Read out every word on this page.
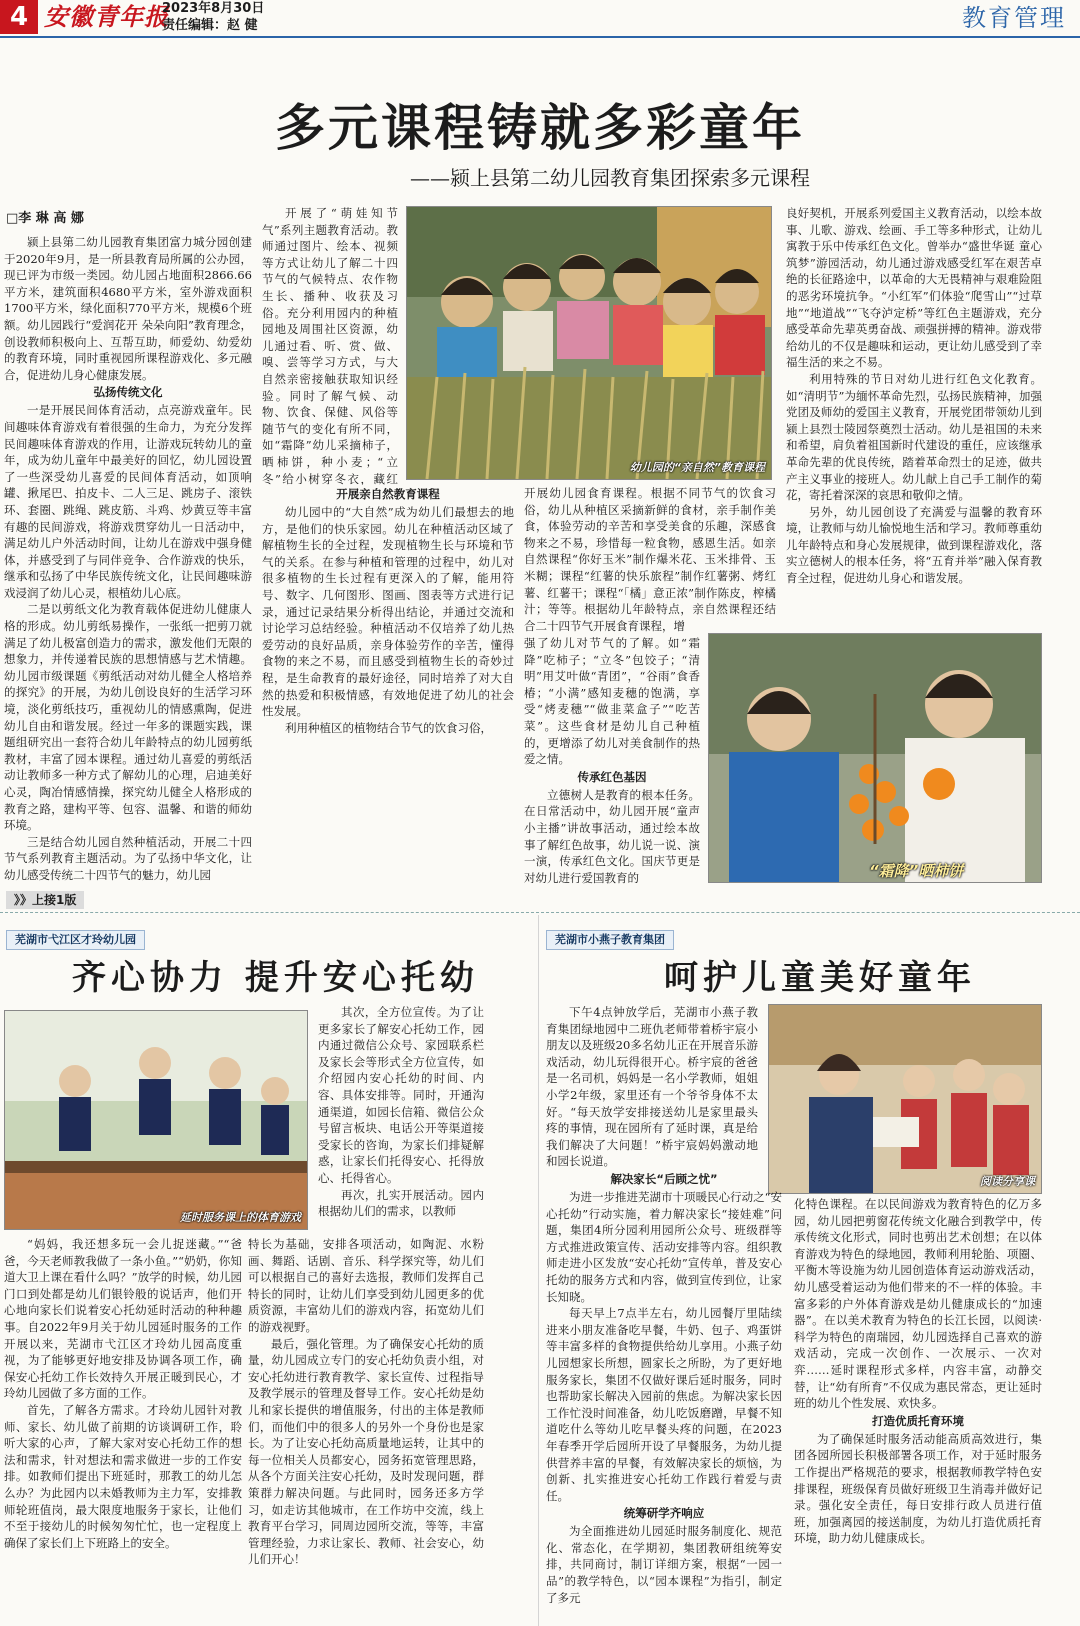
4 安徽青年报
2023年8月30日
责任编辑：赵 健	教育管理
多元课程铸就多彩童年
——颍上县第二幼儿园教育集团探索多元课程
□李 琳 高 娜

颍上县第二幼儿园教育集团富力城分园创建于2020年9月，是一所县教育局所属的公办园，现已评为市级一类园。幼儿园占地面积2866.66平方米，建筑面积4680平方米，室外游戏面积1700平方米，绿化面积770平方米，规模6个班额。幼儿园践行“爱润花开 朵朵向阳”教育理念，创设教师积极向上、互帮互助，师爱幼、幼爱幼的教育环境，同时重视园所课程游戏化、多元融合，促进幼儿身心健康发展。

弘扬传统文化

一是开展民间体育活动，点亮游戏童年。民间趣味体育游戏有着很强的生命力，为充分发挥民间趣味体育游戏的作用，让游戏玩转幼儿的童年，成为幼儿童年中最美好的回忆，幼儿园设置了一些深受幼儿喜爱的民间体育活动，如顶响罐、揪尾巴、拍皮卡、二人三足、跳房子、滚铁环、套圈、跳绳、跳皮筋、斗鸡、炒黄豆等丰富有趣的民间游戏，将游戏贯穿幼儿一日活动中，满足幼儿户外活动时间，让幼儿在游戏中强身健体，并感受到了与同伴竞争、合作游戏的快乐，继承和弘扬了中华民族传统文化，让民间趣味游戏浸润了幼儿心灵，根植幼儿心底。

二是以剪纸文化为教育载体促进幼儿健康人格的形成。幼儿剪纸易操作，一张纸一把剪刀就满足了幼儿极富创造力的需求，激发他们无限的想象力，并传递着民族的思想情感与艺术情趣。幼儿园市级课题《剪纸活动对幼儿健全人格培养的探究》的开展，为幼儿创设良好的生活学习环境，淡化剪纸技巧，重视幼儿的情感熏陶，促进幼儿自由和谐发展。经过一年多的课题实践，课题组研究出一套符合幼儿年龄特点的幼儿园剪纸教材，丰富了园本课程。通过幼儿喜爱的剪纸活动让教师多一种方式了解幼儿的心理，启迪美好心灵，陶冶情感情操，探究幼儿健全人格形成的教育之路，建构平等、包容、温馨、和谐的师幼环境。

三是结合幼儿园自然种植活动，开展二十四节气系列教育主题活动。为了弘扬中华文化，让幼儿感受传统二十四节气的魅力，幼儿园

开展了“萌娃知节气”系列主题教育活动。教师通过图片、绘本、视频等方式让幼儿了解二十四节气的气候特点、农作物生长、播种、收获及习俗。充分利用园内的种植园地及周围社区资源，幼儿通过看、听、赏、做、嗅、尝等学习方式，与大自然亲密接触获取知识经验。同时了解气候、动物、饮食、保健、风俗等随节气的变化有所不同，如“霜降”幼儿采摘柿子，晒柿饼，种小麦；“立冬”给小树穿冬衣，藏红

开展亲自然教育课程

幼儿园中的“大自然”成为幼儿们最想去的地方，是他们的快乐家园。幼儿在种植活动区域了解植物生长的全过程，发现植物生长与环境和节气的关系。在参与种植和管理的过程中，幼儿对很多植物的生长过程有更深入的了解，能用符号、数字、几何图形、图画、图表等方式进行记录，通过记录结果分析得出结论，并通过交流和讨论学习总结经验。种植活动不仅培养了幼儿热爱劳动的良好品质，亲身体验劳作的辛苦，懂得食物的来之不易，而且感受到植物生长的奇妙过程，是生命教育的最好途径，同时培养了对大自然的热爱和积极情感，有效地促进了幼儿的社会性发展。

利用种植区的植物结合节气的饮食习俗，

开展幼儿园食育课程。根据不同节气的饮食习俗，幼儿从种植区采摘新鲜的食材，亲手制作美食，体验劳动的辛苦和享受美食的乐趣，深感食物来之不易，珍惜每一粒食物，感恩生活。如亲自然课程“你好玉米”制作爆米花、玉米排骨、玉米糊；课程“红薯的快乐旅程”制作红薯粥、烤红薯、红薯干；课程“「橘」意正浓”制作陈皮，榨橘汁；等等。根据幼儿年龄特点，亲自然课程还结合二十四节气开展食育课程，增

强了幼儿对节气的了解。如“霜降”吃柿子；“立冬”包饺子；“清明”用艾叶做“青团”，“谷雨”食香椿；“小满”感知麦穗的饱满，享受“烤麦穗”“做韭菜盒子”“吃苦菜”。这些食材是幼儿自己种植的，更增添了幼儿对美食制作的热爱之情。

传承红色基因

立德树人是教育的根本任务。在日常活动中，幼儿园开展“童声小主播”讲故事活动，通过绘本故事了解红色故事，幼儿说一说、演一演，传承红色文化。国庆节更是对幼儿进行爱国教育的

良好契机，开展系列爱国主义教育活动，以绘本故事、儿歌、游戏、绘画、手工等多种形式，让幼儿寓教于乐中传承红色文化。曾举办“盛世华诞 童心筑梦”游园活动，幼儿通过游戏感受红军在艰苦卓绝的长征路途中，以革命的大无畏精神与艰难险阻的恶劣环境抗争。“小红军”们体验“爬雪山”“过草地”“地道战”“飞夺泸定桥”等红色主题游戏，充分感受革命先辈英勇奋战、顽强拼搏的精神。游戏带给幼儿的不仅是趣味和运动，更让幼儿感受到了幸福生活的来之不易。

利用特殊的节日对幼儿进行红色文化教育。如“清明节”为缅怀革命先烈，弘扬民族精神，加强党团及师幼的爱国主义教育，开展党团带领幼儿到颍上县烈士陵园祭奠烈士活动。幼儿是祖国的未来和希望，肩负着祖国新时代建设的重任，应该继承革命先辈的优良传统，踏着革命烈士的足迹，做共产主义事业的接班人。幼儿献上自己手工制作的菊花，寄托着深深的哀思和敬仰之情。

另外，幼儿园创设了充满爱与温馨的教育环境，让教师与幼儿愉悦地生活和学习。教师尊重幼儿年龄特点和身心发展规律，做到课程游戏化，落实立德树人的根本任务，将“五育并举”融入保育教育全过程，促进幼儿身心和谐发展。

幼儿园的“亲自然”教育课程
“霜降”晒柿饼
》》上接1版
芜湖市弋江区才玲幼儿园
齐心协力 提升安心托幼
延时服务课上的体育游戏

其次，全方位宣传。为了让更多家长了解安心托幼工作，园内通过微信公众号、家园联系栏及家长会等形式全方位宣传，如介绍园内安心托幼的时间、内容、具体安排等。同时，开通沟通渠道，如园长信箱、微信公众号留言板块、电话公开等渠道接受家长的咨询，为家长们排疑解惑，让家长们托得安心、托得放心、托得省心。

再次，扎实开展活动。园内根据幼儿们的需求，以教师

“妈妈，我还想多玩一会儿捉迷藏。”“爸爸，今天老师教我做了一条小鱼。”“奶奶，你知道大卫上课在看什么吗？”放学的时候，幼儿园门口到处都是幼儿们银铃般的说话声，他们开心地向家长们说着安心托幼延时活动的种种趣事。自2022年9月关于幼儿园延时服务的工作开展以来，芜湖市弋江区才玲幼儿园高度重视，为了能够更好地安排及协调各项工作，确保安心托幼工作长效持久开展正暖到民心，才玲幼儿园做了多方面的工作。

首先，了解各方需求。才玲幼儿园针对教师、家长、幼儿做了前期的访谈调研工作，聆听大家的心声，了解大家对安心托幼工作的想法和需求，针对想法和需求做进一步的工作安排。如教师们提出下班延时，那教工的幼儿怎么办？为此园内以未婚教师为主力军，安排教师轮班值岗，最大限度地服务于家长，让他们不至于接幼儿的时候匆匆忙忙，也一定程度上确保了家长们上下班路上的安全。

特长为基础，安排各项活动，如陶泥、水粉画、舞蹈、话剧、音乐、科学探究等，幼儿们可以根据自己的喜好去选报，教师们发挥自己特长的同时，让幼儿们享受到幼儿园更多的优质资源，丰富幼儿们的游戏内容，拓宽幼儿们的游戏视野。

最后，强化管理。为了确保安心托幼的质量，幼儿园成立专门的安心托幼负责小组，对安心托幼进行教育教学、家长宣传、过程指导及教学展示的管理及督导工作。安心托幼是幼儿和家长提供的增值服务，付出的主体是教师们，而他们中的很多人的另外一个身份也是家长。为了让安心托幼高质量地运转，让其中的每一位相关人员都安心，园务拓宽管理思路，从各个方面关注安心托幼，及时发现问题，群策群力解决问题。与此同时，园务还多方学习，如走访其他城市，在工作坊中交流，线上教育平台学习，同周边园所交流，等等，丰富管理经验，力求让家长、教师、社会安心，幼儿们开心！

芜湖市小燕子教育集团
呵护儿童美好童年

下午4点钟放学后，芜湖市小燕子教育集团绿地园中二班仇老师带着桥宇宸小朋友以及班级20多名幼儿正在开展音乐游戏活动，幼儿玩得很开心。桥宇宸的爸爸是一名司机，妈妈是一名小学教师，姐姐小学2年级，家里还有一个爷爷身体不太好。“每天放学安排接送幼儿是家里最头疼的事情，现在园所有了延时课，真是给我们解决了大问题！”桥宇宸妈妈激动地和园长说道。

阅读分享课
解决家长“后顾之忧”

为进一步推进芜湖市十项暖民心行动之“安心托幼”行动实施，着力解决家长“接娃难”问题，集团4所分园利用园所公众号、班级群等方式推进政策宣传、活动安排等内容。组织教师走进小区发放“安心托幼”宣传单，普及安心托幼的服务方式和内容，做到宣传到位，让家长知晓。

每天早上7点半左右，幼儿园餐厅里陆续进来小朋友准备吃早餐，牛奶、包子、鸡蛋饼等丰富多样的食物提供给幼儿享用。小燕子幼儿园想家长所想，圆家长之所盼，为了更好地服务家长，集团不仅做好课后延时服务，同时也帮助家长解决入园前的焦虑。为解决家长因工作忙没时间准备，幼儿吃饭磨蹭，早餐不知道吃什么等幼儿吃早餐头疼的问题，在2023年春季开学后园所开设了早餐服务，为幼儿提供营养丰富的早餐，有效解决家长的烦恼，为创新、扎实推进安心托幼工作践行着爱与责任。

统筹研学齐响应

为全面推进幼儿园延时服务制度化、规范化、常态化，在学期初，集团教研组统筹安排，共同商讨，制订详细方案，根据“一园一品”的教学特色，以“园本课程”为指引，制定了多元

化特色课程。在以民间游戏为教育特色的亿万多园，幼儿园把剪窗花传统文化融合到教学中，传承传统文化形式，同时也剪出艺术创想；在以体育游戏为特色的绿地园，教师利用轮胎、项圈、平衡木等设施为幼儿园创造体育运动游戏活动，幼儿感受着运动为他们带来的不一样的体验。丰富多彩的户外体育游戏是幼儿健康成长的“加速器”。在以美术教育为特色的长江长园，以阅读·科学为特色的南瑞园，幼儿园选择自己喜欢的游戏活动，完成一次创作、一次展示、一次对弈……延时课程形式多样，内容丰富，动静交替，让“幼有所育”不仅成为惠民常态，更让延时班的幼儿个性发展、欢快多。

打造优质托育环境

为了确保延时服务活动能高质高效进行，集团各园所园长积极部署各项工作，对于延时服务工作提出严格规范的要求，根据教师教学特色安排课程，班级保育员做好班级卫生消毒并做好记录。强化安全责任，每日安排行政人员进行值班，加强离园的接送制度，为幼儿打造优质托育环境，助力幼儿健康成长。
